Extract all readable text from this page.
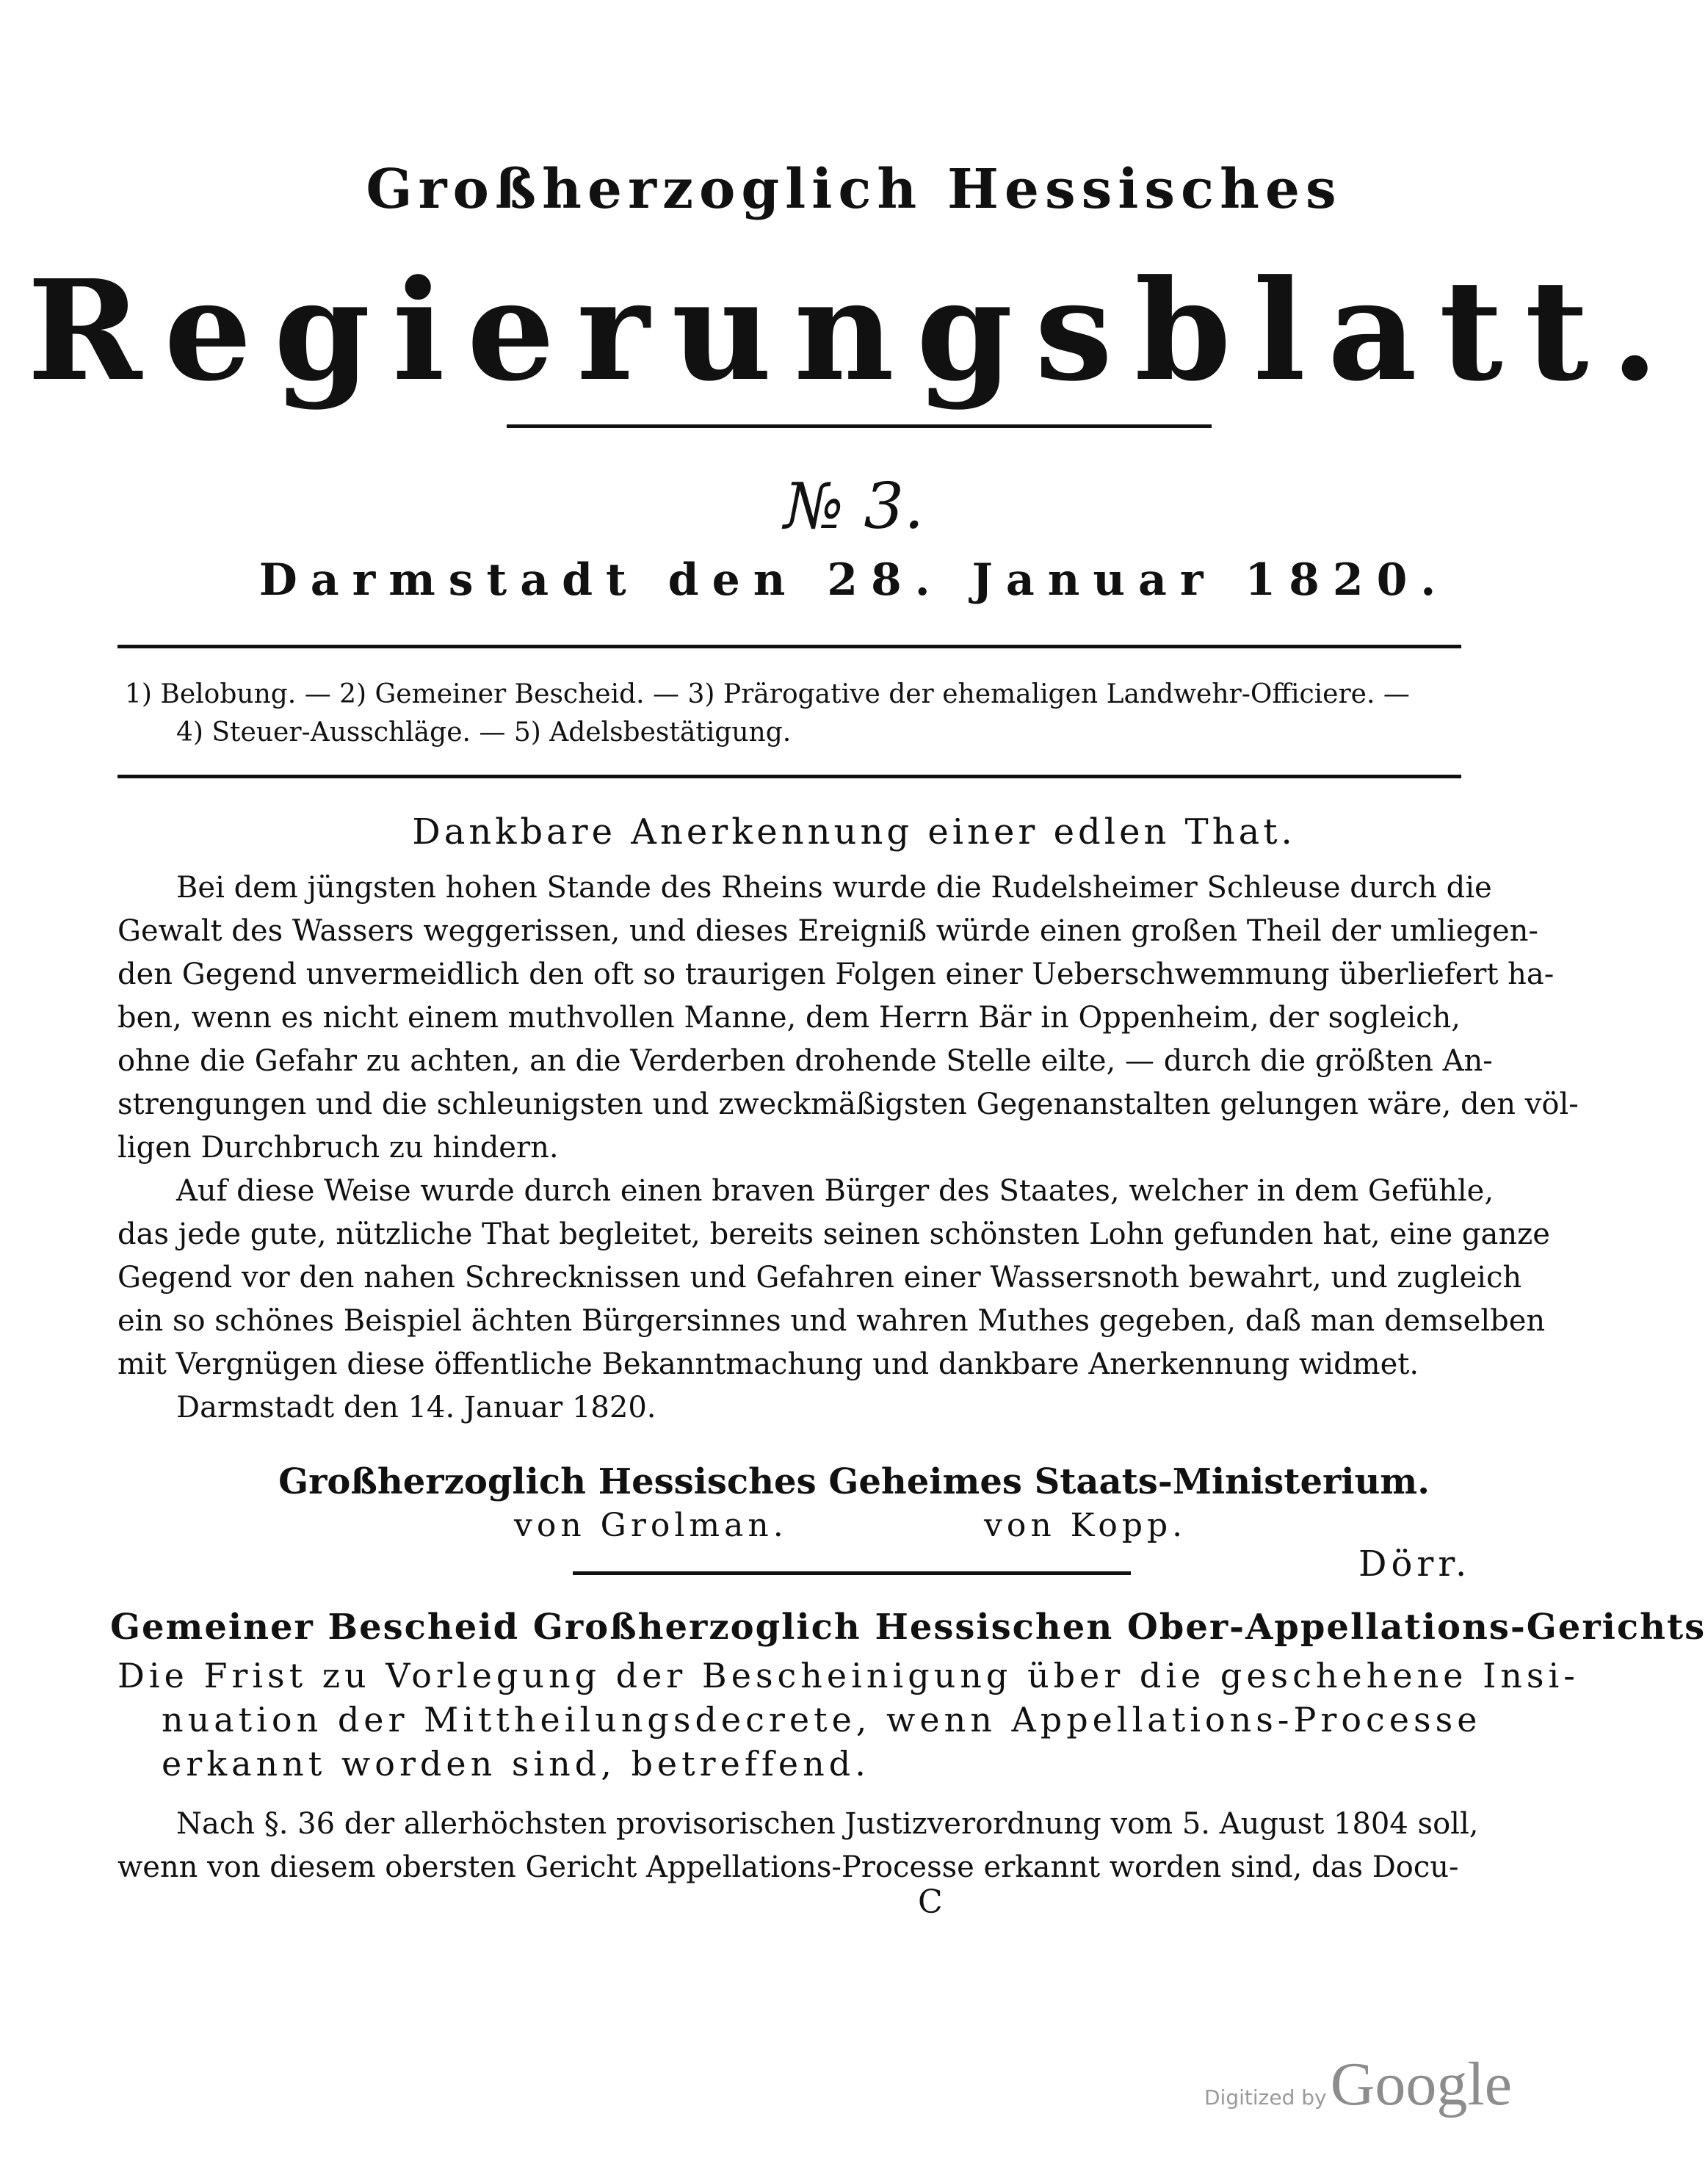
Großherzoglich Hessisches
Regierungsblatt.
№ 3.
Darmstadt den 28. Januar 1820.
1) Belobung. — 2) Gemeiner Bescheid. — 3) Prärogative der ehemaligen Landwehr-Officiere. —
4) Steuer-Ausschläge. — 5) Adelsbestätigung.
Dankbare Anerkennung einer edlen That.
Bei dem jüngsten hohen Stande des Rheins wurde die Rudelsheimer Schleuse durch die
Gewalt des Wassers weggerissen, und dieses Ereigniß würde einen großen Theil der umliegen-
den Gegend unvermeidlich den oft so traurigen Folgen einer Ueberschwemmung überliefert ha-
ben, wenn es nicht einem muthvollen Manne, dem Herrn Bär in Oppenheim, der sogleich,
ohne die Gefahr zu achten, an die Verderben drohende Stelle eilte, — durch die größten An-
strengungen und die schleunigsten und zweckmäßigsten Gegenanstalten gelungen wäre, den völ-
ligen Durchbruch zu hindern.
Auf diese Weise wurde durch einen braven Bürger des Staates, welcher in dem Gefühle,
das jede gute, nützliche That begleitet, bereits seinen schönsten Lohn gefunden hat, eine ganze
Gegend vor den nahen Schrecknissen und Gefahren einer Wassersnoth bewahrt, und zugleich
ein so schönes Beispiel ächten Bürgersinnes und wahren Muthes gegeben, daß man demselben
mit Vergnügen diese öffentliche Bekanntmachung und dankbare Anerkennung widmet.
Darmstadt den 14. Januar 1820.
Großherzoglich Hessisches Geheimes Staats-Ministerium.
von Grolman.	von Kopp.
Dörr.
Gemeiner Bescheid Großherzoglich Hessischen Ober-Appellations-Gerichts
Die Frist zu Vorlegung der Bescheinigung über die geschehene Insi-
nuation der Mittheilungsdecrete, wenn Appellations-Processe
erkannt worden sind, betreffend.
Nach §. 36 der allerhöchsten provisorischen Justizverordnung vom 5. August 1804 soll,
wenn von diesem obersten Gericht Appellations-Processe erkannt worden sind, das Docu-
C
Digitized by Google
